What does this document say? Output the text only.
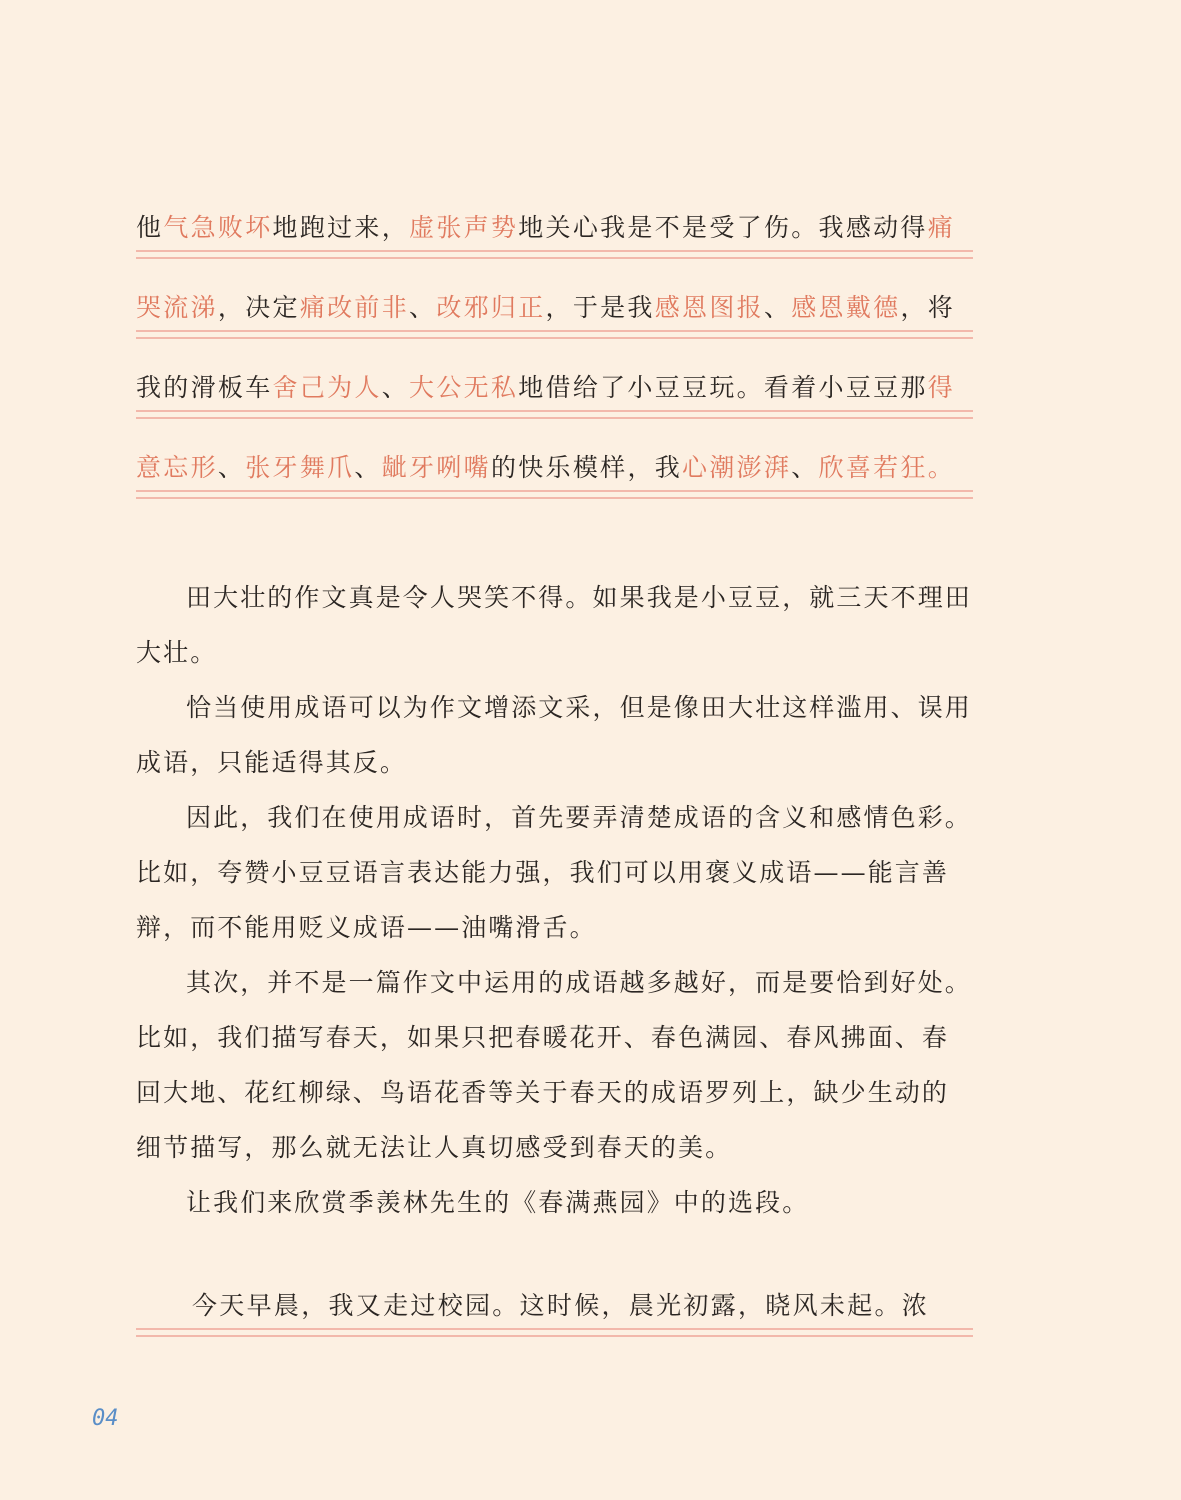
他气急败坏地跑过来，虚张声势地关心我是不是受了伤。我感动得痛
哭流涕，决定痛改前非、改邪归正，于是我感恩图报、感恩戴德，将
我的滑板车舍己为人、大公无私地借给了小豆豆玩。看着小豆豆那得
意忘形、张牙舞爪、龇牙咧嘴的快乐模样，我心潮澎湃、欣喜若狂。

田大壮的作文真是令人哭笑不得。如果我是小豆豆，就三天不理田大壮。

恰当使用成语可以为作文增添文采，但是像田大壮这样滥用、误用成语，只能适得其反。

因此，我们在使用成语时，首先要弄清楚成语的含义和感情色彩。比如，夸赞小豆豆语言表达能力强，我们可以用褒义成语——能言善辩，而不能用贬义成语——油嘴滑舌。

其次，并不是一篇作文中运用的成语越多越好，而是要恰到好处。比如，我们描写春天，如果只把春暖花开、春色满园、春风拂面、春回大地、花红柳绿、鸟语花香等关于春天的成语罗列上，缺少生动的细节描写，那么就无法让人真切感受到春天的美。

让我们来欣赏季羡林先生的《春满燕园》中的选段。

今天早晨，我又走过校园。这时候，晨光初露，晓风未起。浓
04
